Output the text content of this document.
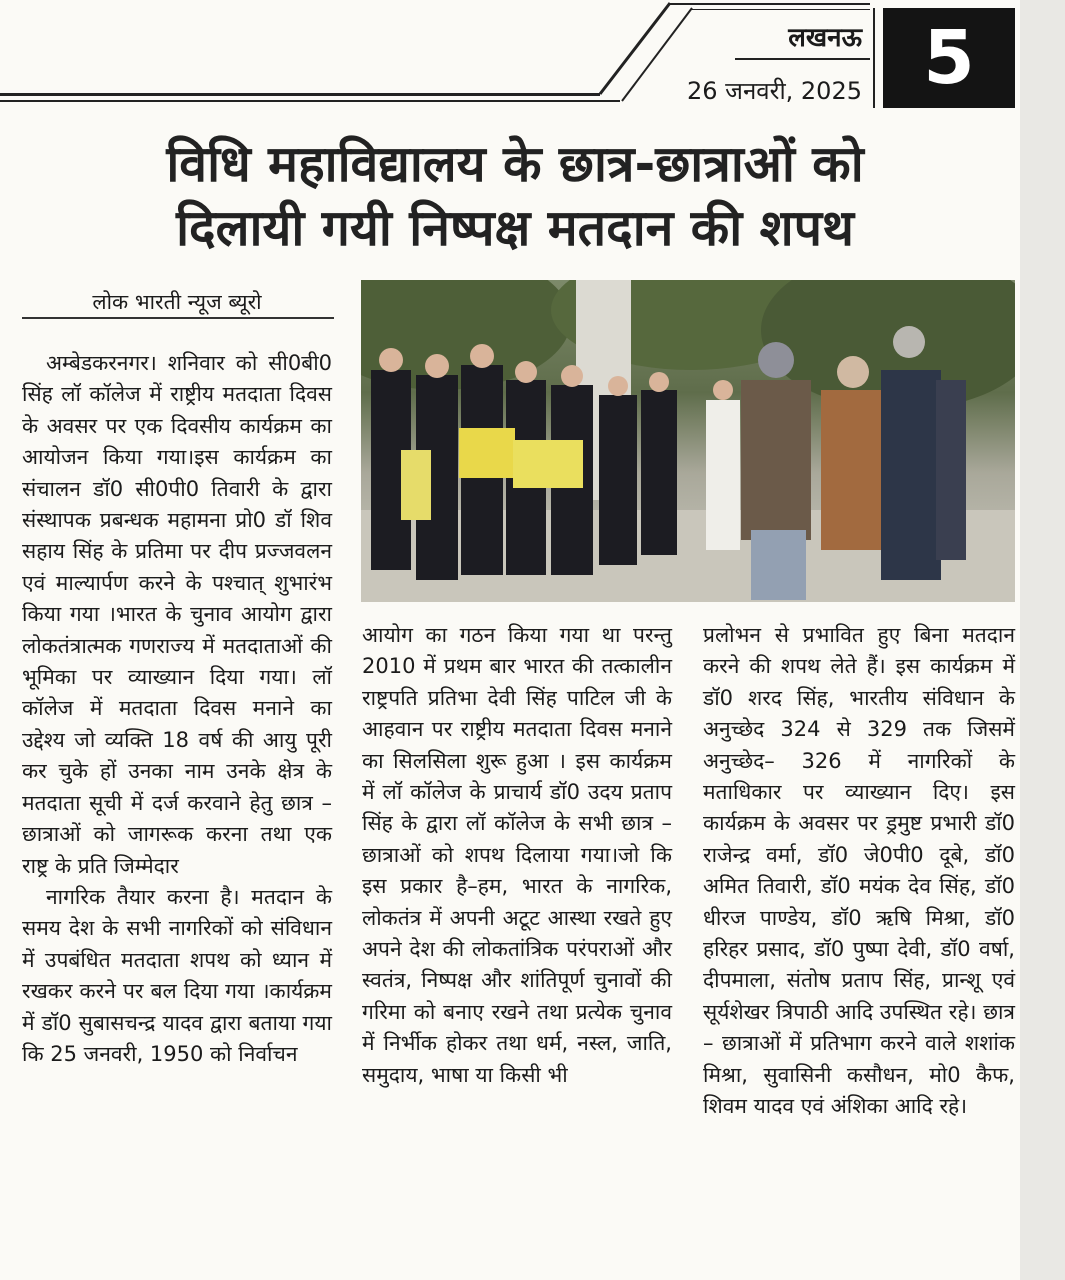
लखनऊ
26 जनवरी, 2025 5
विधि महाविद्यालय के छात्र-छात्राओं को
दिलायी गयी निष्पक्ष मतदान की शपथ
लोक भारती न्यूज ब्यूरो

अम्बेडकरनगर। शनिवार को सी0बी0 सिंह लॉ कॉलेज में राष्ट्रीय मतदाता दिवस के अवसर पर एक दिवसीय कार्यक्रम का आयोजन किया गया।इस कार्यक्रम का संचालन डॉ0 सी0पी0 तिवारी के द्वारा संस्थापक प्रबन्धक महामना प्रो0 डॉ शिव सहाय सिंह के प्रतिमा पर दीप प्रज्जवलन एवं माल्यार्पण करने के पश्चात् शुभारंभ किया गया ।भारत के चुनाव आयोग द्वारा लोकतंत्रात्मक गणराज्य में मतदाताओं की भूमिका पर व्याख्यान दिया गया। लॉ कॉलेज में मतदाता दिवस मनाने का उद्देश्य जो व्यक्ति 18 वर्ष की आयु पूरी कर चुके हों उनका नाम उनके क्षेत्र के मतदाता सूची में दर्ज करवाने हेतु छात्र – छात्राओं को जागरूक करना तथा एक राष्ट्र के प्रति जिम्मेदार

नागरिक तैयार करना है। मतदान के समय देश के सभी नागरिकों को संविधान में उपबंधित मतदाता शपथ को ध्यान में रखकर करने पर बल दिया गया ।कार्यक्रम में डॉ0 सुबासचन्द्र यादव द्वारा बताया गया कि 25 जनवरी, 1950 को निर्वाचन

आयोग का गठन किया गया था परन्तु 2010 में प्रथम बार भारत की तत्कालीन राष्ट्रपति प्रतिभा देवी सिंह पाटिल जी के आहवान पर राष्ट्रीय मतदाता दिवस मनाने का सिलसिला शुरू हुआ । इस कार्यक्रम में लॉ कॉलेज के प्राचार्य डॉ0 उदय प्रताप सिंह के द्वारा लॉ कॉलेज के सभी छात्र – छात्राओं को शपथ दिलाया गया।जो कि इस प्रकार है–हम, भारत के नागरिक, लोकतंत्र में अपनी अटूट आस्था रखते हुए अपने देश की लोकतांत्रिक परंपराओं और स्वतंत्र, निष्पक्ष और शांतिपूर्ण चुनावों की गरिमा को बनाए रखने तथा प्रत्येक चुनाव में निर्भीक होकर तथा धर्म, नस्ल, जाति, समुदाय, भाषा या किसी भी

प्रलोभन से प्रभावित हुए बिना मतदान करने की शपथ लेते हैं। इस कार्यक्रम में डॉ0 शरद सिंह, भारतीय संविधान के अनुच्छेद 324 से 329 तक जिसमें अनुच्छेद– 326 में नागरिकों के मताधिकार पर व्याख्यान दिए। इस कार्यक्रम के अवसर पर ड्रमुष्ट प्रभारी डॉ0 राजेन्द्र वर्मा, डॉ0 जे0पी0 दूबे, डॉ0 अमित तिवारी, डॉ0 मयंक देव सिंह, डॉ0 धीरज पाण्डेय, डॉ0 ऋषि मिश्रा, डॉ0 हरिहर प्रसाद, डॉ0 पुष्पा देवी, डॉ0 वर्षा, दीपमाला, संतोष प्रताप सिंह, प्रान्शू एवं सूर्यशेखर त्रिपाठी आदि उपस्थित रहे। छात्र – छात्राओं में प्रतिभाग करने वाले शशांक मिश्रा, सुवासिनी कसौधन, मो0 कैफ, शिवम यादव एवं अंशिका आदि रहे।
